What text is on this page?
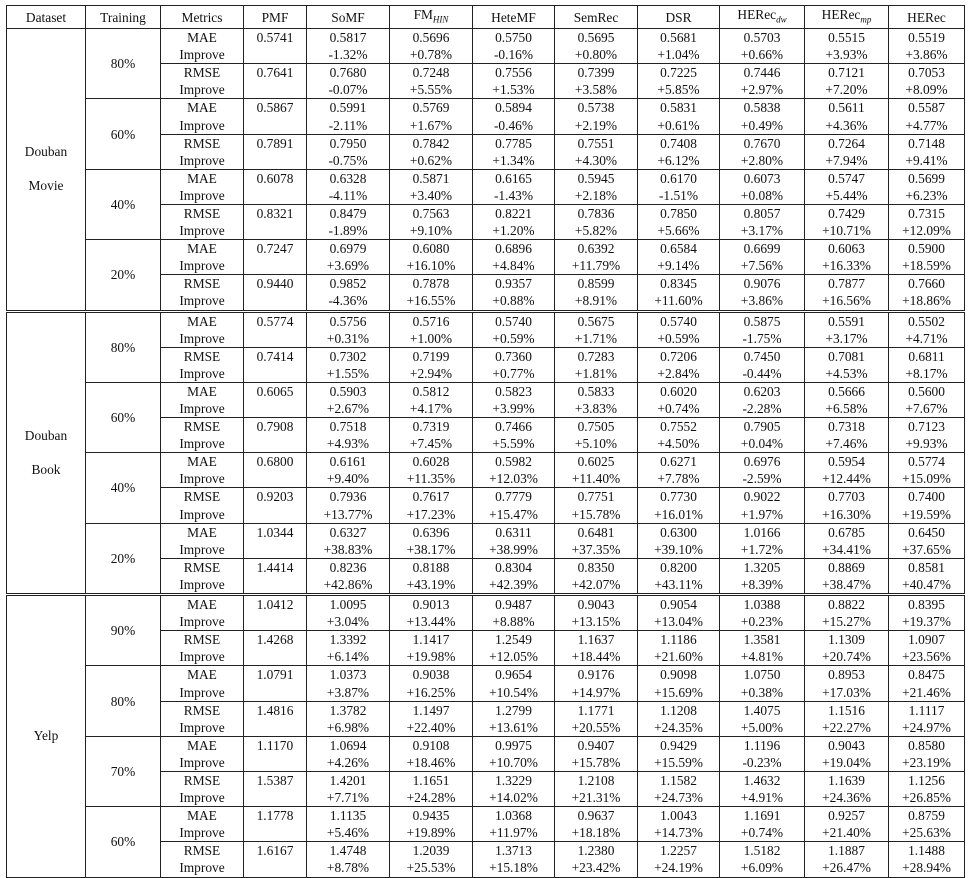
Dataset	Training	Metrics	PMF	SoMF	$FM_{HIN}$	HeteMF	SemRec	DSR	HERec$_{dw}$	HERec$_{mp}$	HERec

Douban
Movie	80%	MAE	0.5741	0.5817	0.5696	0.5750	0.5695	0.5681	0.5703	0.5515	0.5519
		Improve		-1.32%	+0.78%	-0.16%	+0.80%	+1.04%	+0.66%	+3.93%	+3.86%
		RMSE	0.7641	0.7680	0.7248	0.7556	0.7399	0.7225	0.7446	0.7121	0.7053
		Improve		-0.07%	+5.55%	+1.53%	+3.58%	+5.85%	+2.97%	+7.20%	+8.09%
	60%	MAE	0.5867	0.5991	0.5769	0.5894	0.5738	0.5831	0.5838	0.5611	0.5587
		Improve		-2.11%	+1.67%	-0.46%	+2.19%	+0.61%	+0.49%	+4.36%	+4.77%
		RMSE	0.7891	0.7950	0.7842	0.7785	0.7551	0.7408	0.7670	0.7264	0.7148
		Improve		-0.75%	+0.62%	+1.34%	+4.30%	+6.12%	+2.80%	+7.94%	+9.41%
	40%	MAE	0.6078	0.6328	0.5871	0.6165	0.5945	0.6170	0.6073	0.5747	0.5699
		Improve		-4.11%	+3.40%	-1.43%	+2.18%	-1.51%	+0.08%	+5.44%	+6.23%
		RMSE	0.8321	0.8479	0.7563	0.8221	0.7836	0.7850	0.8057	0.7429	0.7315
		Improve		-1.89%	+9.10%	+1.20%	+5.82%	+5.66%	+3.17%	+10.71%	+12.09%
	20%	MAE	0.7247	0.6979	0.6080	0.6896	0.6392	0.6584	0.6699	0.6063	0.5900
		Improve		+3.69%	+16.10%	+4.84%	+11.79%	+9.14%	+7.56%	+16.33%	+18.59%
		RMSE	0.9440	0.9852	0.7878	0.9357	0.8599	0.8345	0.9076	0.7877	0.7660
		Improve		-4.36%	+16.55%	+0.88%	+8.91%	+11.60%	+3.86%	+16.56%	+18.86%

Douban
Book	80%	MAE	0.5774	0.5756	0.5716	0.5740	0.5675	0.5740	0.5875	0.5591	0.5502
		Improve		+0.31%	+1.00%	+0.59%	+1.71%	+0.59%	-1.75%	+3.17%	+4.71%
		RMSE	0.7414	0.7302	0.7199	0.7360	0.7283	0.7206	0.7450	0.7081	0.6811
		Improve		+1.55%	+2.94%	+0.77%	+1.81%	+2.84%	-0.44%	+4.53%	+8.17%
	60%	MAE	0.6065	0.5903	0.5812	0.5823	0.5833	0.6020	0.6203	0.5666	0.5600
		Improve		+2.67%	+4.17%	+3.99%	+3.83%	+0.74%	-2.28%	+6.58%	+7.67%
		RMSE	0.7908	0.7518	0.7319	0.7466	0.7505	0.7552	0.7905	0.7318	0.7123
		Improve		+4.93%	+7.45%	+5.59%	+5.10%	+4.50%	+0.04%	+7.46%	+9.93%
	40%	MAE	0.6800	0.6161	0.6028	0.5982	0.6025	0.6271	0.6976	0.5954	0.5774
		Improve		+9.40%	+11.35%	+12.03%	+11.40%	+7.78%	-2.59%	+12.44%	+15.09%
		RMSE	0.9203	0.7936	0.7617	0.7779	0.7751	0.7730	0.9022	0.7703	0.7400
		Improve		+13.77%	+17.23%	+15.47%	+15.78%	+16.01%	+1.97%	+16.30%	+19.59%
	20%	MAE	1.0344	0.6327	0.6396	0.6311	0.6481	0.6300	1.0166	0.6785	0.6450
		Improve		+38.83%	+38.17%	+38.99%	+37.35%	+39.10%	+1.72%	+34.41%	+37.65%
		RMSE	1.4414	0.8236	0.8188	0.8304	0.8350	0.8200	1.3205	0.8869	0.8581
		Improve		+42.86%	+43.19%	+42.39%	+42.07%	+43.11%	+8.39%	+38.47%	+40.47%

Yelp	90%	MAE	1.0412	1.0095	0.9013	0.9487	0.9043	0.9054	1.0388	0.8822	0.8395
		Improve		+3.04%	+13.44%	+8.88%	+13.15%	+13.04%	+0.23%	+15.27%	+19.37%
		RMSE	1.4268	1.3392	1.1417	1.2549	1.1637	1.1186	1.3581	1.1309	1.0907
		Improve		+6.14%	+19.98%	+12.05%	+18.44%	+21.60%	+4.81%	+20.74%	+23.56%
	80%	MAE	1.0791	1.0373	0.9038	0.9654	0.9176	0.9098	1.0750	0.8953	0.8475
		Improve		+3.87%	+16.25%	+10.54%	+14.97%	+15.69%	+0.38%	+17.03%	+21.46%
		RMSE	1.4816	1.3782	1.1497	1.2799	1.1771	1.1208	1.4075	1.1516	1.1117
		Improve		+6.98%	+22.40%	+13.61%	+20.55%	+24.35%	+5.00%	+22.27%	+24.97%
	70%	MAE	1.1170	1.0694	0.9108	0.9975	0.9407	0.9429	1.1196	0.9043	0.8580
		Improve		+4.26%	+18.46%	+10.70%	+15.78%	+15.59%	-0.23%	+19.04%	+23.19%
		RMSE	1.5387	1.4201	1.1651	1.3229	1.2108	1.1582	1.4632	1.1639	1.1256
		Improve		+7.71%	+24.28%	+14.02%	+21.31%	+24.73%	+4.91%	+24.36%	+26.85%
	60%	MAE	1.1778	1.1135	0.9435	1.0368	0.9637	1.0043	1.1691	0.9257	0.8759
		Improve		+5.46%	+19.89%	+11.97%	+18.18%	+14.73%	+0.74%	+21.40%	+25.63%
		RMSE	1.6167	1.4748	1.2039	1.3713	1.2380	1.2257	1.5182	1.1887	1.1488
		Improve		+8.78%	+25.53%	+15.18%	+23.42%	+24.19%	+6.09%	+26.47%	+28.94%
